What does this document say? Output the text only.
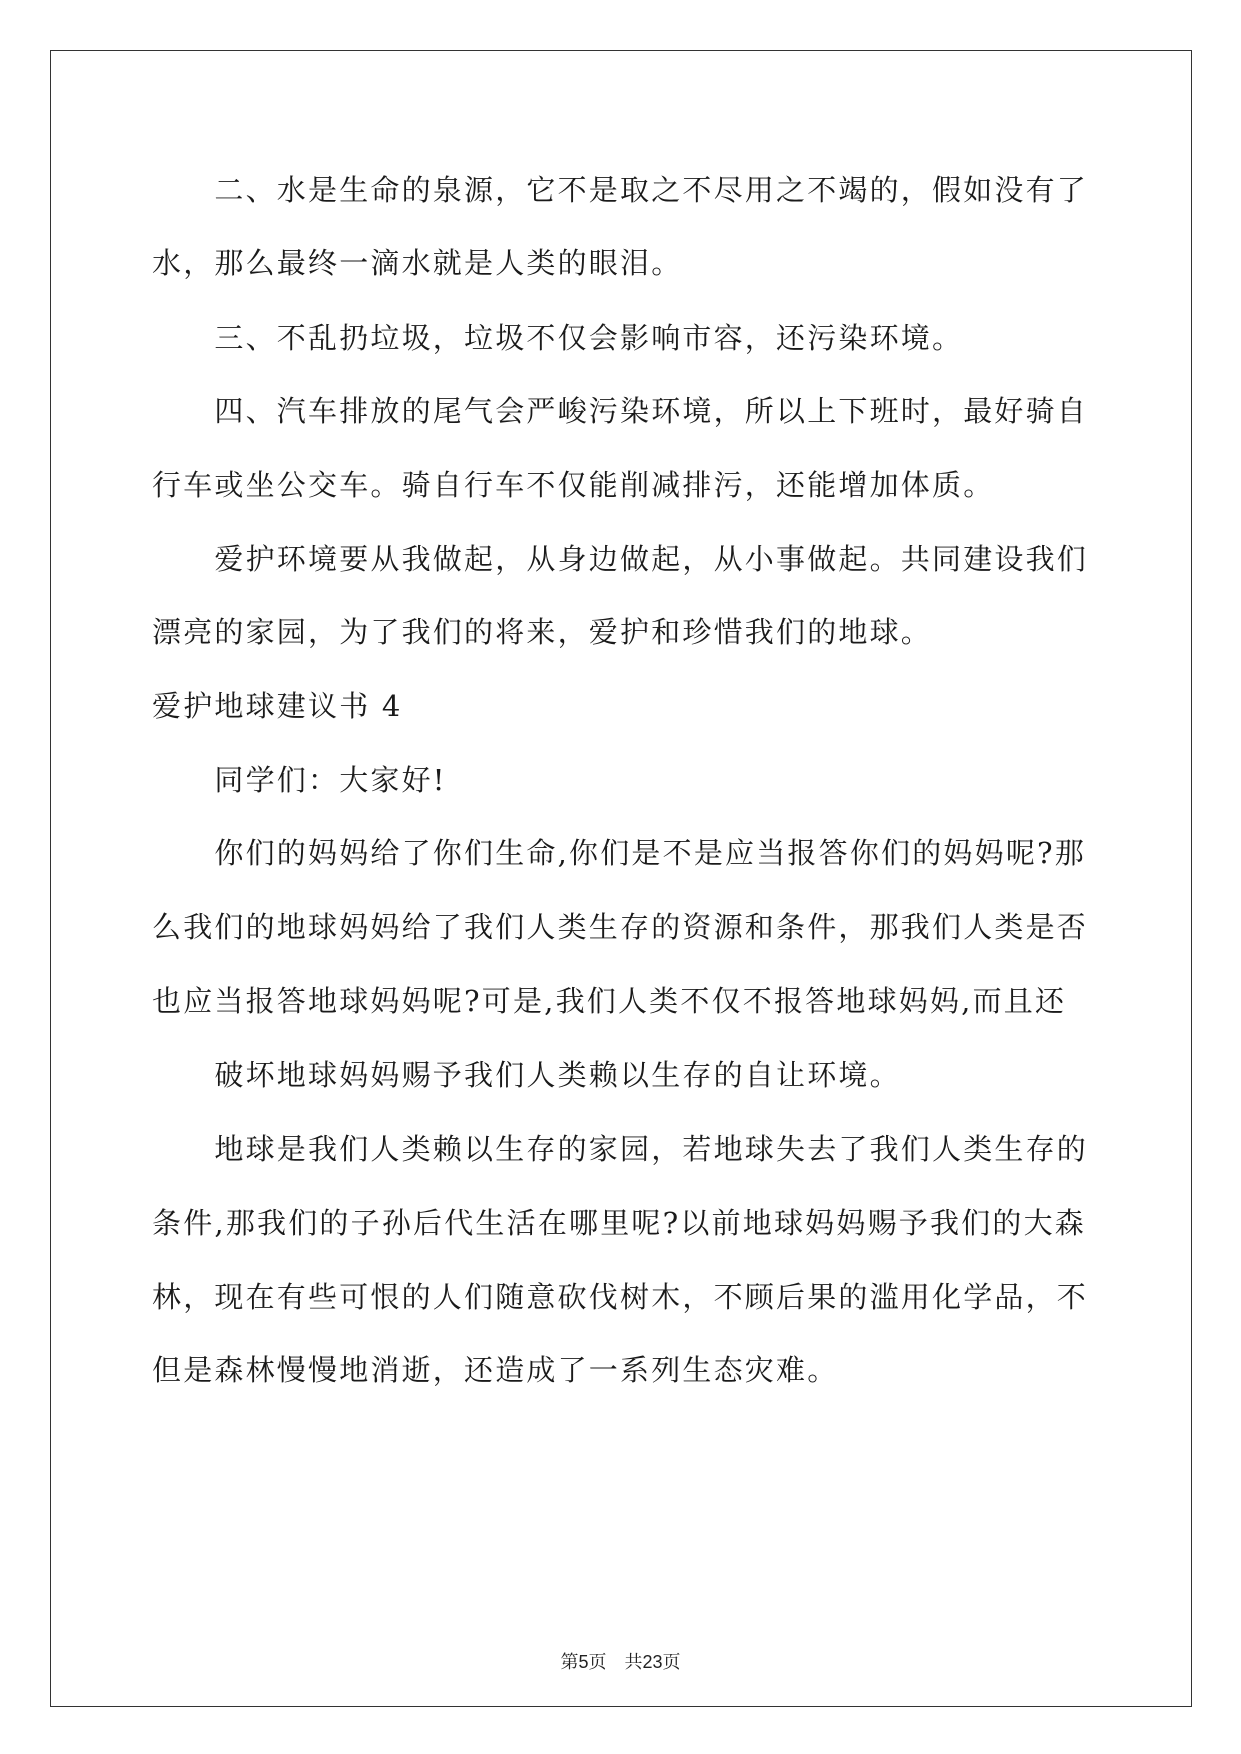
　　二、水是生命的泉源，它不是取之不尽用之不竭的，假如没有了
水，那么最终一滴水就是人类的眼泪。
　　三、不乱扔垃圾，垃圾不仅会影响市容，还污染环境。
　　四、汽车排放的尾气会严峻污染环境，所以上下班时，最好骑自
行车或坐公交车。骑自行车不仅能削减排污，还能增加体质。
　　爱护环境要从我做起，从身边做起，从小事做起。共同建设我们
漂亮的家园，为了我们的将来，爱护和珍惜我们的地球。
爱护地球建议书 4
　　同学们：大家好!
　　你们的妈妈给了你们生命,你们是不是应当报答你们的妈妈呢?那
么我们的地球妈妈给了我们人类生存的资源和条件，那我们人类是否
也应当报答地球妈妈呢?可是,我们人类不仅不报答地球妈妈,而且还
　　破坏地球妈妈赐予我们人类赖以生存的自让环境。
　　地球是我们人类赖以生存的家园，若地球失去了我们人类生存的
条件,那我们的子孙后代生活在哪里呢?以前地球妈妈赐予我们的大森
林，现在有些可恨的人们随意砍伐树木，不顾后果的滥用化学品，不
但是森林慢慢地消逝，还造成了一系列生态灾难。
第5页 共23页
